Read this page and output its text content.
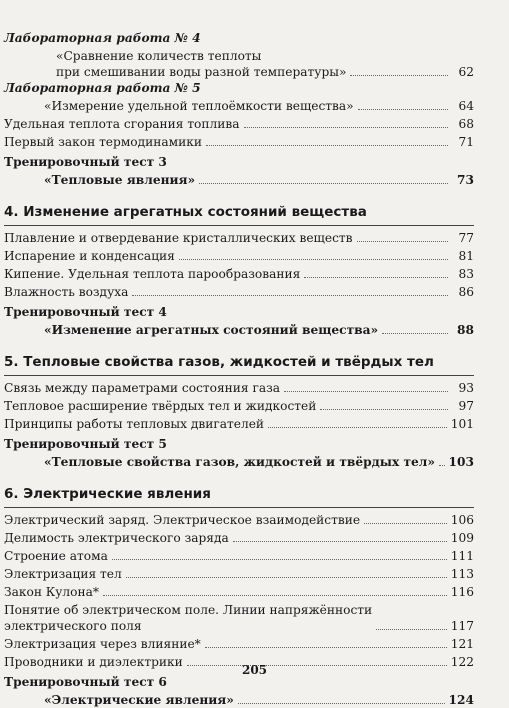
Лабораторная работа № 4
«Сравнение количеств теплоты
при смешивании воды разной температуры»	62
Лабораторная работа № 5
«Измерение удельной теплоёмкости вещества»	64
Удельная теплота сгорания топлива	68
Первый закон термодинамики	71
Тренировочный тест 3
«Тепловые явления»	73
4. Изменение агрегатных состояний вещества
Плавление и отвердевание кристаллических веществ	77
Испарение и конденсация	81
Кипение. Удельная теплота парообразования	83
Влажность воздуха	86
Тренировочный тест 4
«Изменение агрегатных состояний вещества»	88
5. Тепловые свойства газов, жидкостей и твёрдых тел
Связь между параметрами состояния газа	93
Тепловое расширение твёрдых тел и жидкостей	97
Принципы работы тепловых двигателей	101
Тренировочный тест 5
«Тепловые свойства газов, жидкостей и твёрдых тел» 103
6. Электрические явления
Электрический заряд. Электрическое взаимодействие	106
Делимость электрического заряда	109
Строение атома	111
Электризация тел	113
Закон Кулона*	116
Понятие об электрическом поле. Линии напряжённости
электрического поля	117
Электризация через влияние*	121
Проводники и диэлектрики	122
Тренировочный тест 6
«Электрические явления»	124
205
